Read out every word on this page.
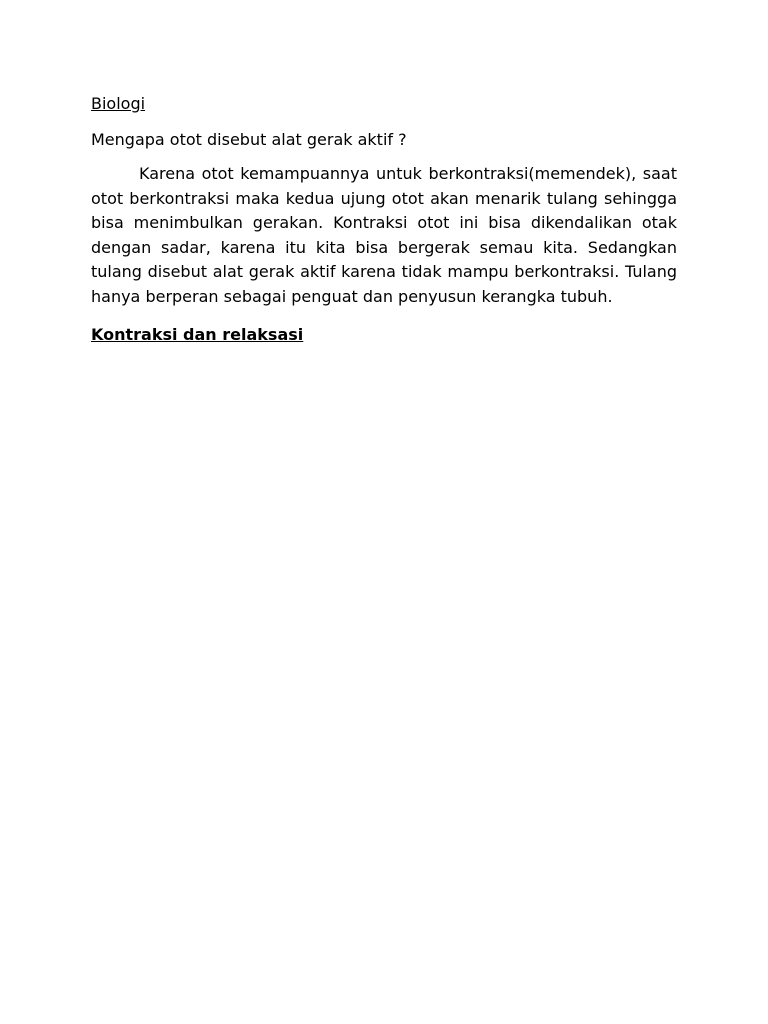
Biologi

Mengapa otot disebut alat gerak aktif ?

Karena otot kemampuannya untuk berkontraksi(memendek), saat otot berkontraksi maka kedua ujung otot akan menarik tulang sehingga bisa menimbulkan gerakan. Kontraksi otot ini bisa dikendalikan otak dengan sadar, karena itu kita bisa bergerak semau kita. Sedangkan tulang disebut alat gerak aktif karena tidak mampu berkontraksi. Tulang hanya berperan sebagai penguat dan penyusun kerangka tubuh.

Kontraksi dan relaksasi
